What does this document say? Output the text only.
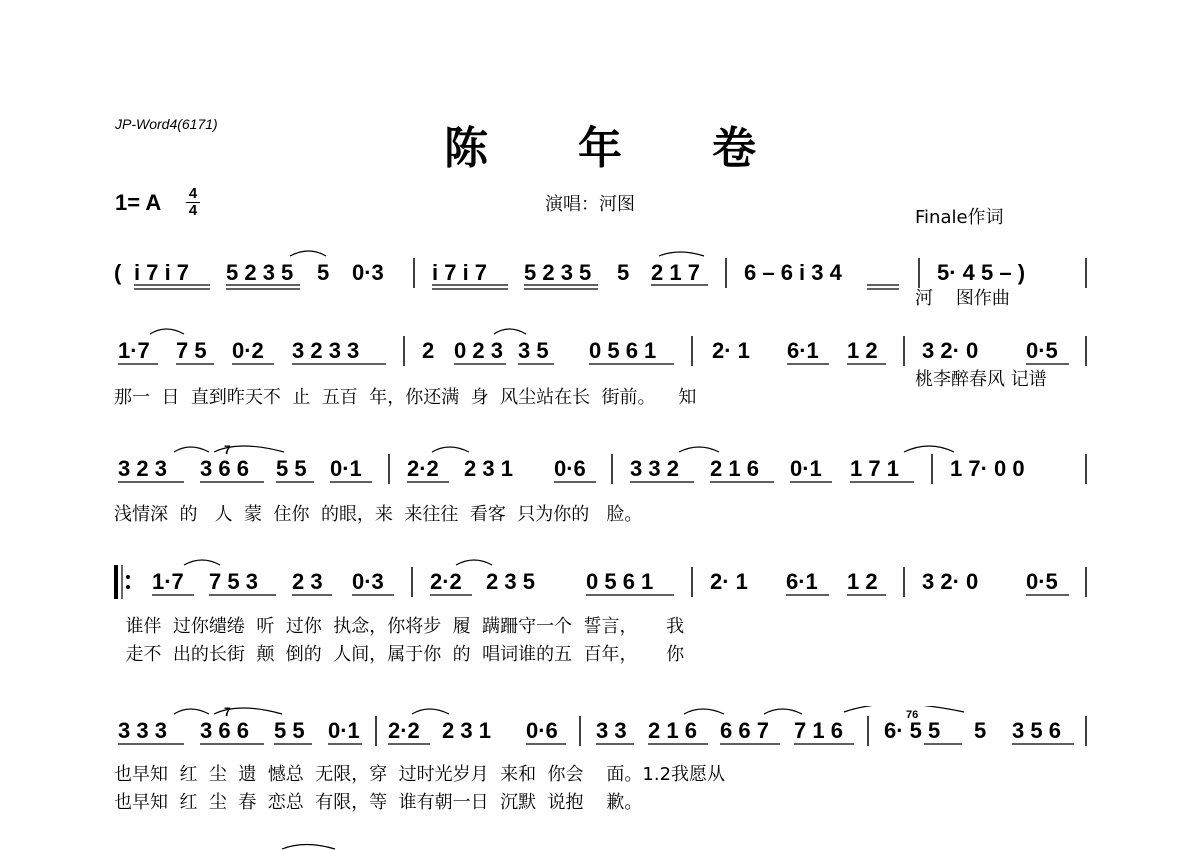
JP-Word4(6171)	陈年卷

Finale作词

河    图作曲

桃李醉春风 记谱

1= A 4
4	演唱：河图
( i 7 i 7 5 2 3 5 5 0·3 i 7 i 7 5 2 3 5 5 2 1 7 6 – 6 i 3 4	5· 4 5 – )
1·7 7 5 0·2 3 2 3 3	2 0 2 3 3 5 0 5 6 1	2· 1 6·1 1 2 3 2· 0 0·5
那一  日  直到昨天不  止  五百  年，你还满  身  风尘站在长  街前。    知
3 2 3 3 6 6
7
5 5 0·1 2·2 2 3 1 0·6 3 3 2 2 1 6 0·1 1 7 1 1 7· 0 0
浅情深  的   人  蒙  住你  的眼，来  来往往  看客  只为你的   脸。
1·7 7 5 3 2 3 0·3 2·2 2 3 5 0 5 6 1	2· 1 6·1 1 2 3 2· 0 0·5
谁伴  过你缱绻  听  过你  执念，你将步  履  蹒跚守一个  誓言，     我
走不  出的长街  颠  倒的  人间，属于你  的  唱词谁的五  百年，     你
3 3 3 3 6 6
7
5 5 0·1 2·2 2 3 1 0·6 3 3 2 1 6 6 6 7 7 1 6 6· 5 5
76
5 3 5 6
也早知  红  尘  遗  憾总  无限，穿  过时光岁月  来和  你会    面。1.2我愿从
也早知  红  尘  春  恋总  有限，等  谁有朝一日  沉默  说抱    歉。
